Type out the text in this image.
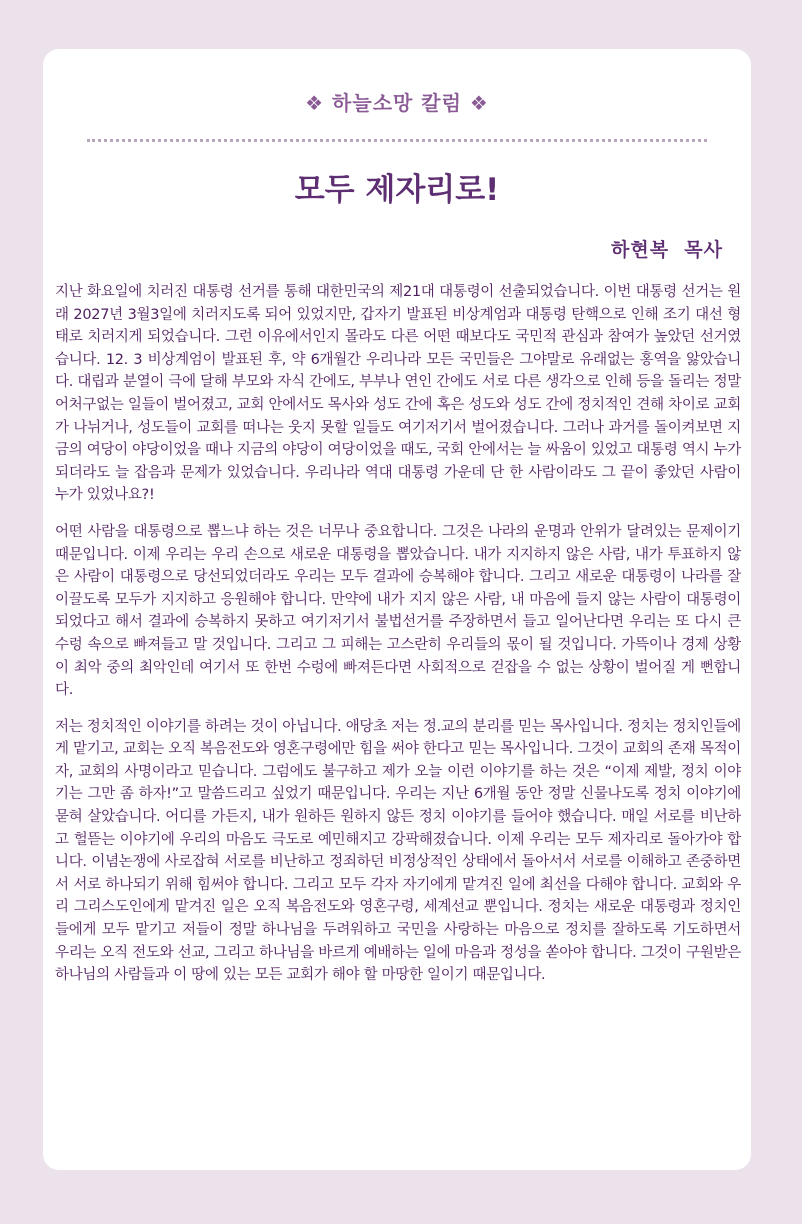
❖ 하늘소망 칼럼 ❖
모두 제자리로!
하현복  목사

지난 화요일에 치러진 대통령 선거를 통해 대한민국의 제21대 대통령이 선출되었습니다. 이번 대통령 선거는 원래 2027년 3월3일에 치러지도록 되어 있었지만, 갑자기 발표된 비상계엄과 대통령 탄핵으로 인해 조기 대선 형태로 치러지게 되었습니다. 그런 이유에서인지 몰라도 다른 어떤 때보다도 국민적 관심과 참여가 높았던 선거였습니다. 12. 3 비상계엄이 발표된 후, 약 6개월간 우리나라 모든 국민들은 그야말로 유래없는 홍역을 앓았습니다. 대립과 분열이 극에 달해 부모와 자식 간에도, 부부나 연인 간에도 서로 다른 생각으로 인해 등을 돌리는 정말 어처구없는 일들이 벌어졌고, 교회 안에서도 목사와 성도 간에 혹은 성도와 성도 간에 정치적인 견해 차이로 교회가 나뉘거나, 성도들이 교회를 떠나는 웃지 못할 일들도 여기저기서 벌어졌습니다. 그러나 과거를 돌이켜보면 지금의 여당이 야당이었을 때나 지금의 야당이 여당이었을 때도, 국회 안에서는 늘 싸움이 있었고 대통령 역시 누가 되더라도 늘 잡음과 문제가 있었습니다. 우리나라 역대 대통령 가운데 단 한 사람이라도 그 끝이 좋았던 사람이 누가 있었나요?!

어떤 사람을 대통령으로 뽑느냐 하는 것은 너무나 중요합니다. 그것은 나라의 운명과 안위가 달려있는 문제이기 때문입니다. 이제 우리는 우리 손으로 새로운 대통령을 뽑았습니다. 내가 지지하지 않은 사람, 내가 투표하지 않은 사람이 대통령으로 당선되었더라도 우리는 모두 결과에 승복해야 합니다. 그리고 새로운 대통령이 나라를 잘 이끌도록 모두가 지지하고 응원해야 합니다. 만약에 내가 지지 않은 사람, 내 마음에 들지 않는 사람이 대통령이 되었다고 해서 결과에 승복하지 못하고 여기저기서 불법선거를 주장하면서 들고 일어난다면 우리는 또 다시 큰 수렁 속으로 빠져들고 말 것입니다. 그리고 그 피해는 고스란히 우리들의 몫이 될 것입니다. 가뜩이나 경제 상황이 최악 중의 최악인데 여기서 또 한번 수렁에 빠져든다면 사회적으로 걷잡을 수 없는 상황이 벌어질 게 뻔합니다.

저는 정치적인 이야기를 하려는 것이 아닙니다. 애당초 저는 정.교의 분리를 믿는 목사입니다. 정치는 정치인들에게 맡기고, 교회는 오직 복음전도와 영혼구령에만 힘을 써야 한다고 믿는 목사입니다. 그것이 교회의 존재 목적이자, 교회의 사명이라고 믿습니다. 그럼에도 불구하고 제가 오늘 이런 이야기를 하는 것은 “이제 제발, 정치 이야기는 그만 좀 하자!”고 말씀드리고 싶었기 때문입니다. 우리는 지난 6개월 동안 정말 신물나도록 정치 이야기에 묻혀 살았습니다. 어디를 가든지, 내가 원하든 원하지 않든 정치 이야기를 들어야 했습니다. 매일 서로를 비난하고 헐뜯는 이야기에 우리의 마음도 극도로 예민해지고 강팍해졌습니다. 이제 우리는 모두 제자리로 돌아가야 합니다. 이념논쟁에 사로잡혀 서로를 비난하고 정죄하던 비정상적인 상태에서 돌아서서 서로를 이해하고 존중하면서 서로 하나되기 위해 힘써야 합니다. 그리고 모두 각자 자기에게 맡겨진 일에 최선을 다해야 합니다. 교회와 우리 그리스도인에게 맡겨진 일은 오직 복음전도와 영혼구령, 세계선교 뿐입니다. 정치는 새로운 대통령과 정치인들에게 모두 맡기고 저들이 정말 하나님을 두려워하고 국민을 사랑하는 마음으로 정치를 잘하도록 기도하면서 우리는 오직 전도와 선교, 그리고 하나님을 바르게 예배하는 일에 마음과 정성을 쏟아야 합니다. 그것이 구원받은 하나님의 사람들과 이 땅에 있는 모든 교회가 해야 할 마땅한 일이기 때문입니다.
